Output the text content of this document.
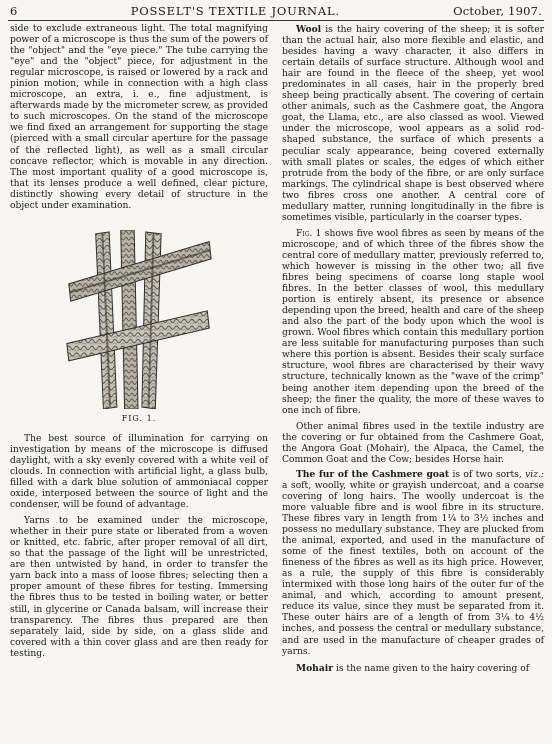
6	POSSELT'S TEXTILE JOURNAL.	October, 1907.

side to exclude extraneous light. The total magnifying power of a microscope is thus the sum of the powers of the "object" and the "eye piece." The tube carrying the "eye" and the "object" piece, for adjustment in the regular microscope, is raised or lowered by a rack and pinion motion, while in connection with a high class microscope, an extra, i. e., fine adjustment, is afterwards made by the micrometer screw, as provided to such microscopes. On the stand of the microscope we find fixed an arrangement for supporting the stage (pierced with a small circular aperture for the passage of the reflected light), as well as a small circular concave reflector, which is movable in any direction. The most important quality of a good microscope is, that its lenses produce a well defined, clear picture, distinctly showing every detail of structure in the object under examination.

FIG. 1.

The best source of illumination for carrying on investigation by means of the microscope is diffused daylight, with a sky evenly covered with a white veil of clouds. In connection with artificial light, a glass bulb, filled with a dark blue solution of ammoniacal copper oxide, interposed between the source of light and the condenser, will be found of advantage.

Yarns to be examined under the microscope, whether in their pure state or liberated from a woven or knitted, etc. fabric, after proper removal of all dirt, so that the passage of the light will be unrestricted, are then untwisted by hand, in order to transfer the yarn back into a mass of loose fibres; selecting then a proper amount of these fibres for testing. Immersing the fibres thus to be tested in boiling water, or better still, in glycerine or Canada balsam, will increase their transparency. The fibres thus prepared are then separately laid, side by side, on a glass slide and covered with a thin cover glass and are then ready for testing.

Wool is the hairy covering of the sheep; it is softer than the actual hair, also more flexible and elastic, and besides having a wavy character, it also differs in certain details of surface structure. Although wool and hair are found in the fleece of the sheep, yet wool predominates in all cases, hair in the properly bred sheep being practically absent. The covering of certain other animals, such as the Cashmere goat, the Angora goat, the Llama, etc., are also classed as wool. Viewed under the microscope, wool appears as a solid rod-shaped substance, the surface of which presents a peculiar scaly appearance, being covered externally with small plates or scales, the edges of which either protrude from the body of the fibre, or are only surface markings. The cylindrical shape is best observed where two fibres cross one another. A central core of medullary matter, running longitudinally in the fibre is sometimes visible, particularly in the coarser types.

Fig. 1 shows five wool fibres as seen by means of the microscope, and of which three of the fibres show the central core of medullary matter, previously referred to, which however is missing in the other two; all five fibres being specimens of coarse long staple wool fibres. In the better classes of wool, this medullary portion is entirely absent, its presence or absence depending upon the breed, health and care of the sheep and also the part of the body upon which the wool is grown. Wool fibres which contain this medullary portion are less suitable for manufacturing purposes than such where this portion is absent. Besides their scaly surface structure, wool fibres are characterised by their wavy structure, technically known as the "wave of the crimp" being another item depending upon the breed of the sheep; the finer the quality, the more of these waves to one inch of fibre.

Other animal fibres used in the textile industry are the covering or fur obtained from the Cashmere Goat, the Angora Goat (Mohair), the Alpaca, the Camel, the Common Goat and the Cow; besides Horse hair.

The fur of the Cashmere goat is of two sorts, viz.: a soft, woolly, white or grayish undercoat, and a coarse covering of long hairs. The woolly undercoat is the more valuable fibre and is wool fibre in its structure. These fibres vary in length from 1¼ to 3½ inches and possess no medullary substance. They are plucked from the animal, exported, and used in the manufacture of some of the finest textiles, both on account of the fineness of the fibres as well as its high price. However, as a rule, the supply of this fibre is considerably intermixed with those long hairs of the outer fur of the animal, and which, according to amount present, reduce its value, since they must be separated from it. These outer hairs are of a length of from 3¼ to 4½ inches, and possess the central or medullary substance, and are used in the manufacture of cheaper grades of yarns.

Mohair is the name given to the hairy covering of
